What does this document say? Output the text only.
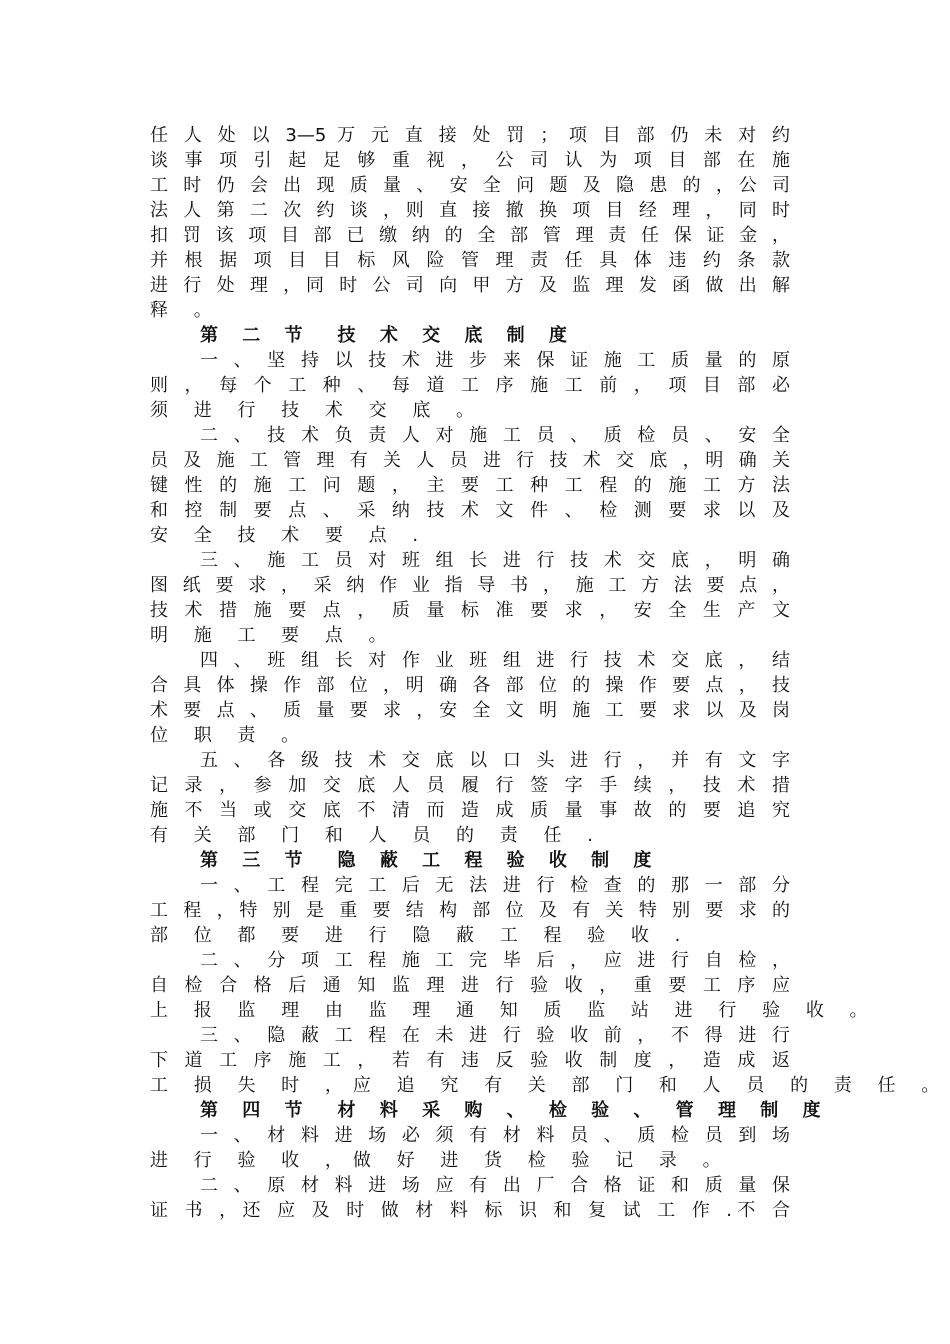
任 人 处 以 3—5 万 元 直 接 处 罚 ； 项 目 部 仍 未 对 约
谈 事 项 引 起 足 够 重 视 ， 公 司 认 为 项 目 部 在 施
工 时 仍 会 出 现 质 量 、 安 全 问 题 及 隐 患 的 ，公 司
法 人 第 二 次 约 谈 ，则 直 接 撤 换 项 目 经 理 ， 同 时
扣 罚 该 项 目 部 已 缴 纳 的 全 部 管 理 责 任 保 证 金 ，
并 根 据 项 目 目 标 风 险 管 理 责 任 具 体 违 约 条 款
进 行 处 理 ，同 时 公 司 向 甲 方 及 监 理 发 函 做 出 解
释 。
第 二 节 技 术 交 底 制 度
一 、 坚 持 以 技 术 进 步 来 保 证 施 工 质 量 的 原
则 ， 每 个 工 种 、 每 道 工 序 施 工 前 ， 项 目 部 必
须 进 行 技 术 交 底 。
二 、 技 术 负 责 人 对 施 工 员 、 质 检 员 、 安 全
员 及 施 工 管 理 有 关 人 员 进 行 技 术 交 底 ，明 确 关
键 性 的 施 工 问 题 ， 主 要 工 种 工 程 的 施 工 方 法
和 控 制 要 点 、 采 纳 技 术 文 件 、 检 测 要 求 以 及
安 全 技 术 要 点 .
三 、 施 工 员 对 班 组 长 进 行 技 术 交 底 ， 明 确
图 纸 要 求 ， 采 纳 作 业 指 导 书 ， 施 工 方 法 要 点 ，
技 术 措 施 要 点 ， 质 量 标 准 要 求 ， 安 全 生 产 文
明 施 工 要 点 。
四 、 班 组 长 对 作 业 班 组 进 行 技 术 交 底 ， 结
合 具 体 操 作 部 位 ，明 确 各 部 位 的 操 作 要 点 ， 技
术 要 点 、 质 量 要 求 ，安 全 文 明 施 工 要 求 以 及 岗
位 职 责 。
五 、 各 级 技 术 交 底 以 口 头 进 行 ， 并 有 文 字
记 录 ， 参 加 交 底 人 员 履 行 签 字 手 续 ， 技 术 措
施 不 当 或 交 底 不 清 而 造 成 质 量 事 故 的 要 追 究
有 关 部 门 和 人 员 的 责 任 .
第 三 节 隐 蔽 工 程 验 收 制 度
一 、 工 程 完 工 后 无 法 进 行 检 查 的 那 一 部 分
工 程 ，特 别 是 重 要 结 构 部 位 及 有 关 特 别 要 求 的
部 位 都 要 进 行 隐 蔽 工 程 验 收 .
二 、 分 项 工 程 施 工 完 毕 后 ， 应 进 行 自 检 ，
自 检 合 格 后 通 知 监 理 进 行 验 收 ， 重 要 工 序 应
上 报 监 理 由 监 理 通 知 质 监 站 进 行 验 收 。
三 、 隐 蔽 工 程 在 未 进 行 验 收 前 ， 不 得 进 行
下 道 工 序 施 工 ， 若 有 违 反 验 收 制 度 ， 造 成 返
工 损 失 时 ，应 追 究 有 关 部 门 和 人 员 的 责 任 。
第 四 节 材 料 采 购 、 检 验 、 管 理 制 度
一 、 材 料 进 场 必 须 有 材 料 员 、 质 检 员 到 场
进 行 验 收 ，做 好 进 货 检 验 记 录 。
二 、 原 材 料 进 场 应 有 出 厂 合 格 证 和 质 量 保
证 书 ，还 应 及 时 做 材 料 标 识 和 复 试 工 作 .不 合
